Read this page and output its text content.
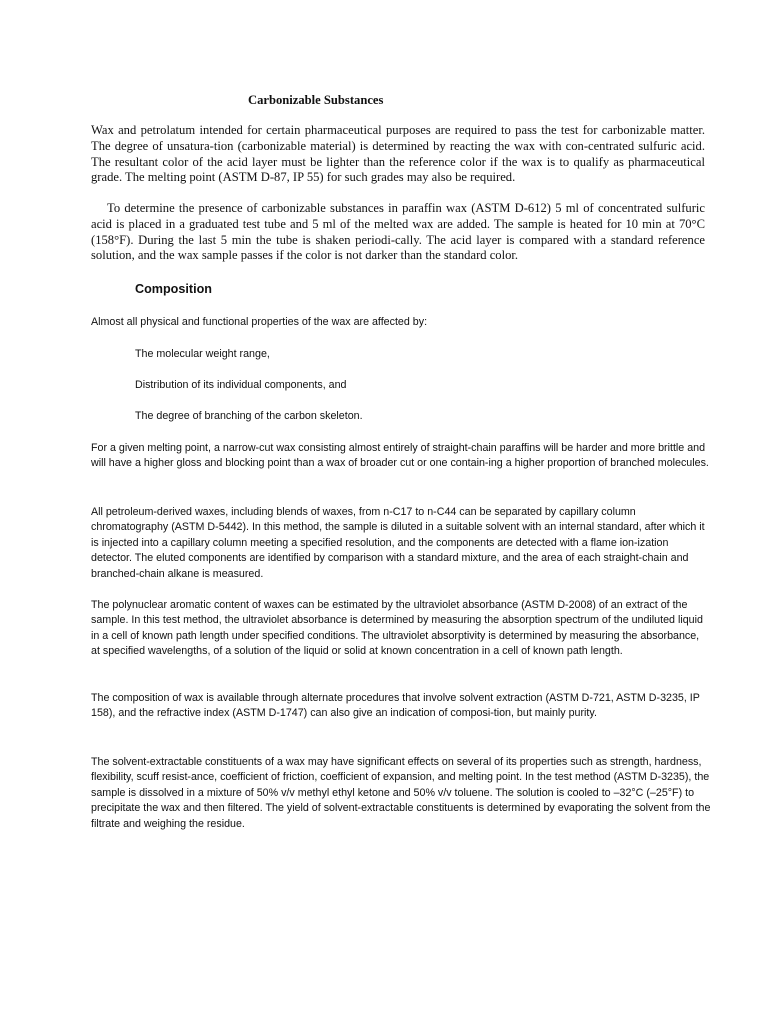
Carbonizable Substances

Wax and petrolatum intended for certain pharmaceutical purposes are required to pass the test for carbonizable matter. The degree of unsatura-tion (carbonizable material) is determined by reacting the wax with con-centrated sulfuric acid. The resultant color of the acid layer must be lighter than the reference color if the wax is to qualify as pharmaceutical grade. The melting point (ASTM D-87, IP 55) for such grades may also be required.

To determine the presence of carbonizable substances in paraffin wax (ASTM D-612) 5 ml of concentrated sulfuric acid is placed in a graduated test tube and 5 ml of the melted wax are added. The sample is heated for 10 min at 70°C (158°F). During the last 5 min the tube is shaken periodi-cally. The acid layer is compared with a standard reference solution, and the wax sample passes if the color is not darker than the standard color.

Composition

Almost all physical and functional properties of the wax are affected by:

The molecular weight range,

Distribution of its individual components, and

The degree of branching of the carbon skeleton.

For a given melting point, a narrow-cut wax consisting almost entirely of straight-chain paraffins will be harder and more brittle and will have a higher gloss and blocking point than a wax of broader cut or one contain-ing a higher proportion of branched molecules.

All petroleum-derived waxes, including blends of waxes, from n-C17 to n-C44 can be separated by capillary column chromatography (ASTM D-5442). In this method, the sample is diluted in a suitable solvent with an internal standard, after which it is injected into a capillary column meeting a specified resolution, and the components are detected with a flame ion-ization detector. The eluted components are identified by comparison with a standard mixture, and the area of each straight-chain and branched-chain alkane is measured.

The polynuclear aromatic content of waxes can be estimated by the ultraviolet absorbance (ASTM D-2008) of an extract of the sample. In this test method, the ultraviolet absorbance is determined by measuring the absorption spectrum of the undiluted liquid in a cell of known path length under specified conditions. The ultraviolet absorptivity is determined by measuring the absorbance, at specified wavelengths, of a solution of the liquid or solid at known concentration in a cell of known path length.

The composition of wax is available through alternate procedures that involve solvent extraction (ASTM D-721, ASTM D-3235, IP 158), and the refractive index (ASTM D-1747) can also give an indication of composi-tion, but mainly purity.

The solvent-extractable constituents of a wax may have significant effects on several of its properties such as strength, hardness, flexibility, scuff resist-ance, coefficient of friction, coefficient of expansion, and melting point. In the test method (ASTM D-3235), the sample is dissolved in a mixture of 50% v/v methyl ethyl ketone and 50% v/v toluene. The solution is cooled to –32°C (–25°F) to precipitate the wax and then filtered. The yield of solvent-extractable constituents is determined by evaporating the solvent from the filtrate and weighing the residue.
